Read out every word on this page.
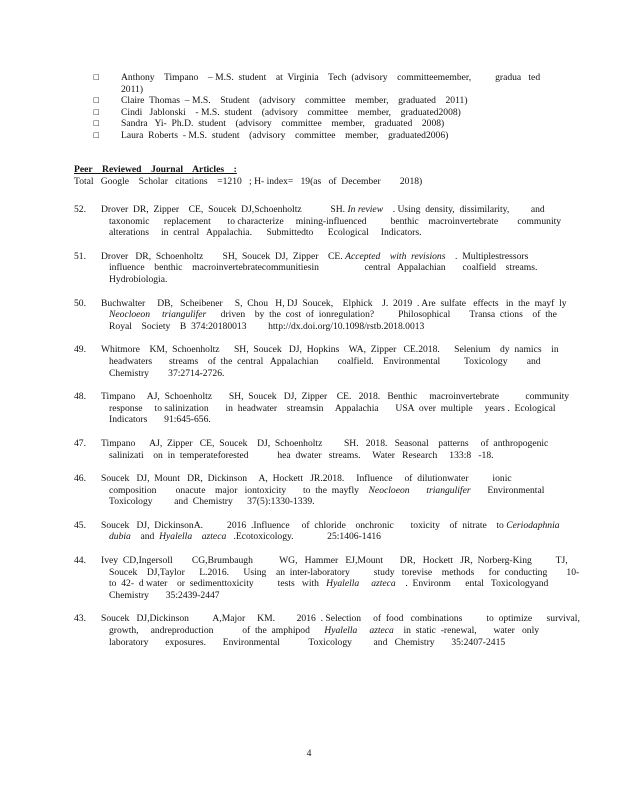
□	Anthony    Timpano    – M.S.  student    at  Virginia    Tech  (advisory    committeemember,          gradua   ted
2011)
□	Claire  Thomas  – M.S.    Student    (advisory    committee    member,    graduated    2011)
□	Cindi   Jablonski    - M.S.  student    (advisory    committee    member,    graduated2008)
□	Sandra   Yi-  Ph.D.  student    (advisory    committee    member,    graduated    2008)
□	Laura  Roberts  - M.S.  student    (advisory    committee    member,    graduated2006)
Peer    Reviewed    Journal    Articles    :
Total   Google    Scholar   citations    =1210   ; H- index=   19(as   of  December        2018)
52. Drover  DR,  Zipper    CE,  Soucek  DJ,Schoenholtz            SH. In review    . Using  density,  dissimilarity,         and
taxonomic      replacement       to characterize     mining-influenced          benthic    macroinvertebrate        community
alterations     in  central   Appalachia.      Submittedto      Ecological     Indicators.
51. Drover   DR,  Schoenholtz        SH,  Soucek  DJ,  Zipper    CE. Accepted    with  revisions    .  Multiplestressors
influence    benthic    macroinvertebratecommunitiesin                   central   Appalachian       coalfield    streams.
Hydrobiologia.
50. Buchwalter     DB,   Scheibener     S,  Chou   H, DJ  Soucek,    Elphick    J.  2019  . Are  sulfate   effects   in  the  mayf  ly
Neocloeon     triangulifer      driven    by  the  cost  of  ionregulation?          Philosophical        Transa  ctions    of  the
Royal    Society    B  374:20180013         http://dx.doi.org/10.1098/rstb.2018.0013
49. Whitmore    KM,  Schoenholtz      SH,  Soucek   DJ,  Hopkins    WA,  Zipper   CE.2018.      Selenium    dy  namics    in
headwaters       streams    of  the  central   Appalachian        coalfield.    Environmental          Toxicology        and
Chemistry        37:2714-2726.
48. Timpano     AJ,  Schoenholtz       SH,  Soucek   DJ,  Zipper    CE.   2018.   Benthic     macroinvertebrate           community
response     to salinization       in  headwater    streamsin     Appalachia       USA  over  multiple     years .  Ecological
Indicators       91:645-656.
47. Timpano      AJ,  Zipper   CE,  Soucek    DJ,  Schoenholtz         SH.   2018.   Seasonal    patterns     of  anthropogenic
salinizati    on  in  temperateforested            hea  dwater   streams.     Water   Research     133:8   -18.
46. Soucek   DJ,  Mount   DR,  Dickinson     A,  Hockett   JR.2018.     Influence     of  dilutionwater          ionic
composition        onacute    major   iontoxicity       to  the  mayfly    Neocloeon       triangulifer       Environmental
Toxicology         and  Chemistry      37(5):1330-1339.
45. Soucek   DJ,  DickinsonA.          2016  .Influence     of  chloride    onchronic       toxicity    of  nitrate    to Ceriodaphnia
dubia    and  Hyalella    azteca   .Ecotoxicology.              25:1406-1416
44. Ivey  CD,Ingersoll        CG,Brumbaugh           WG,   Hammer   EJ,Mount       DR,   Hockett   JR,  Norberg-King          TJ,
Soucek    DJ,Taylor      L.2016.      Using    an  inter-laboratory          study   torevise    methods      for  conducting        10-
to  42-  d water    or  sedimenttoxicity          tests   with   Hyalella     azteca    .  Environm      ental   Toxicologyand
Chemistry       35:2439-2447
43. Soucek   DJ,Dickinson          A,Major     KM.         2016  . Selection     of  food   combinations          to  optimize      survival,
growth,     andreproduction            of  the  amphipod      Hyalella     azteca    in  static  -renewal,       water   only
laboratory       exposures.       Environmental            Toxicology         and   Chemistry       35:2407-2415
4
